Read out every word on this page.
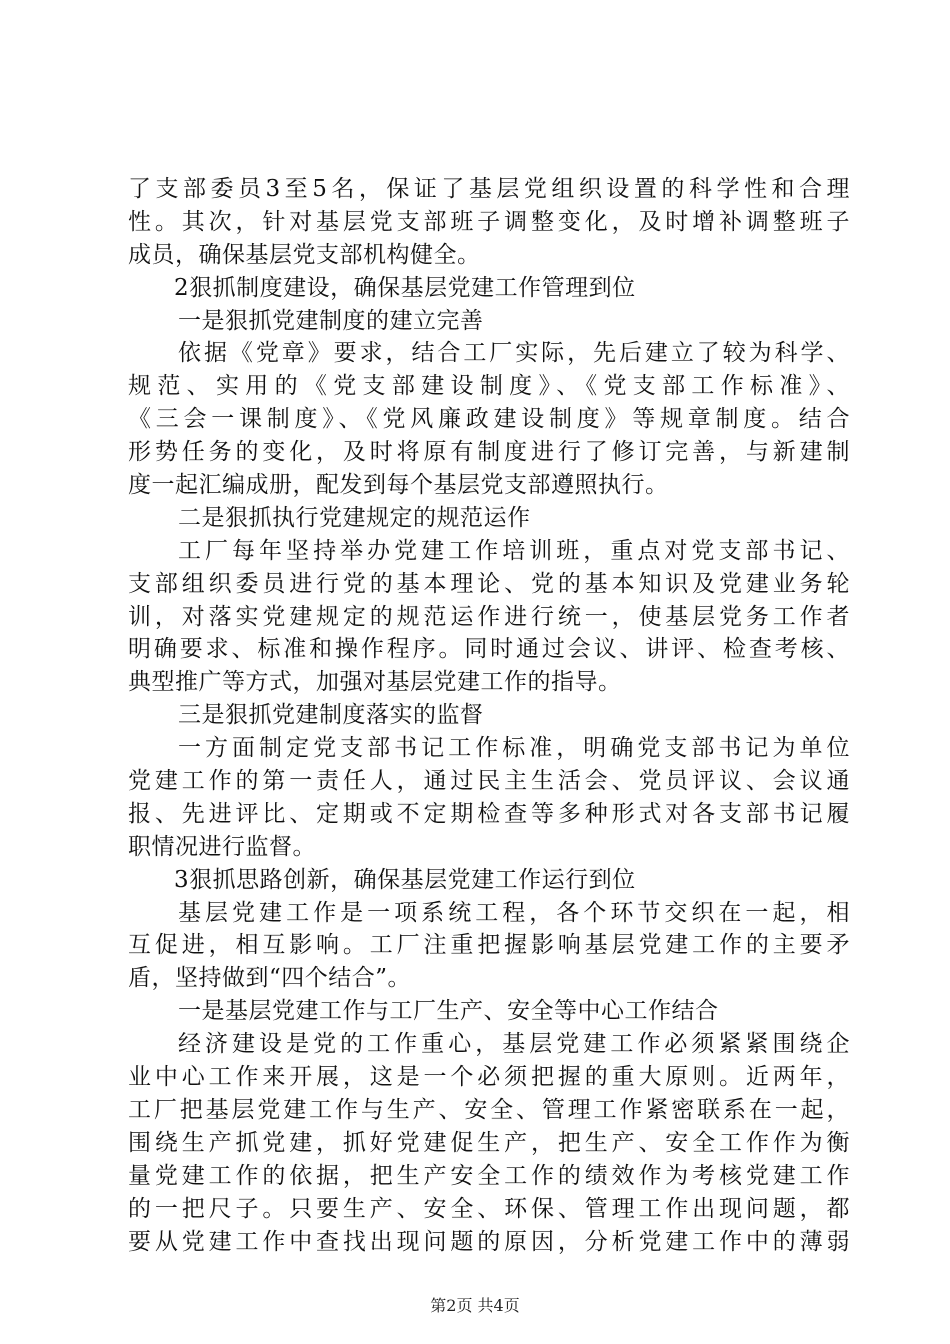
了支部委员3至5名，保证了基层党组织设置的科学性和合理
性。其次，针对基层党支部班子调整变化，及时增补调整班子
成员，确保基层党支部机构健全。
2狠抓制度建设，确保基层党建工作管理到位
一是狠抓党建制度的建立完善
依据《党章》要求，结合工厂实际，先后建立了较为科学、
规范、实用的《党支部建设制度》、《党支部工作标准》、
《三会一课制度》、《党风廉政建设制度》等规章制度。结合
形势任务的变化，及时将原有制度进行了修订完善，与新建制
度一起汇编成册，配发到每个基层党支部遵照执行。
二是狠抓执行党建规定的规范运作
工厂每年坚持举办党建工作培训班，重点对党支部书记、
支部组织委员进行党的基本理论、党的基本知识及党建业务轮
训，对落实党建规定的规范运作进行统一，使基层党务工作者
明确要求、标准和操作程序。同时通过会议、讲评、检查考核、
典型推广等方式，加强对基层党建工作的指导。
三是狠抓党建制度落实的监督
一方面制定党支部书记工作标准，明确党支部书记为单位
党建工作的第一责任人，通过民主生活会、党员评议、会议通
报、先进评比、定期或不定期检查等多种形式对各支部书记履
职情况进行监督。
3狠抓思路创新，确保基层党建工作运行到位
基层党建工作是一项系统工程，各个环节交织在一起，相
互促进，相互影响。工厂注重把握影响基层党建工作的主要矛
盾，坚持做到“四个结合”。
一是基层党建工作与工厂生产、安全等中心工作结合
经济建设是党的工作重心，基层党建工作必须紧紧围绕企
业中心工作来开展，这是一个必须把握的重大原则。近两年，
工厂把基层党建工作与生产、安全、管理工作紧密联系在一起，
围绕生产抓党建，抓好党建促生产，把生产、安全工作作为衡
量党建工作的依据，把生产安全工作的绩效作为考核党建工作
的一把尺子。只要生产、安全、环保、管理工作出现问题，都
要从党建工作中查找出现问题的原因，分析党建工作中的薄弱
第2页 共4页
